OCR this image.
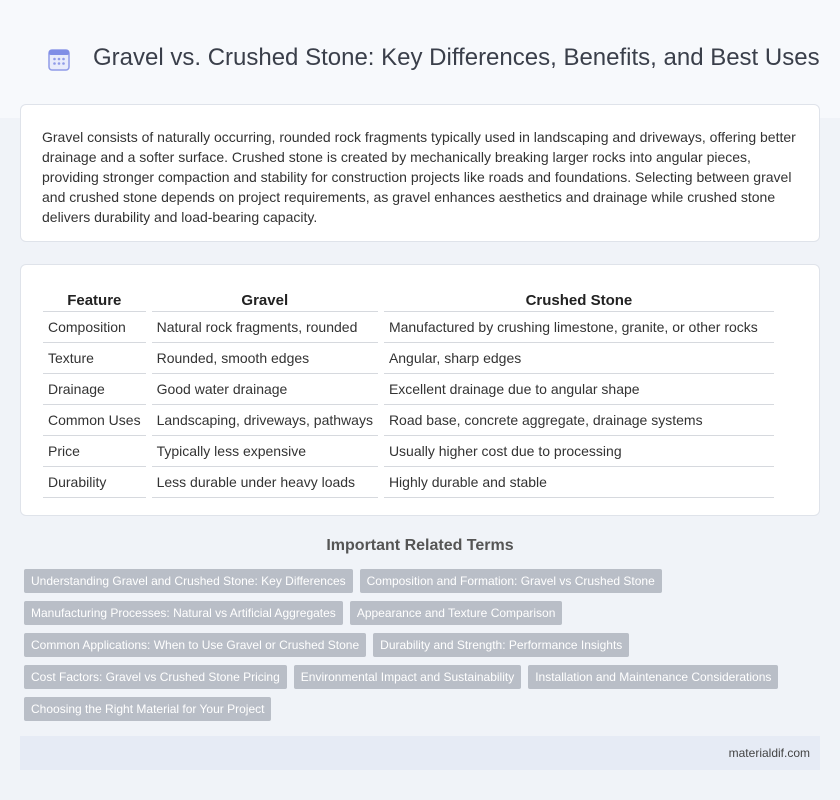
Gravel vs. Crushed Stone: Key Differences, Benefits, and Best Uses

Gravel consists of naturally occurring, rounded rock fragments typically used in landscaping and driveways, offering better drainage and a softer surface. Crushed stone is created by mechanically breaking larger rocks into angular pieces, providing stronger compaction and stability for construction projects like roads and foundations. Selecting between gravel and crushed stone depends on project requirements, as gravel enhances aesthetics and drainage while crushed stone delivers durability and load-bearing capacity.

Feature	Gravel	Crushed Stone
Composition	Natural rock fragments, rounded	Manufactured by crushing limestone, granite, or other rocks
Texture	Rounded, smooth edges	Angular, sharp edges
Drainage	Good water drainage	Excellent drainage due to angular shape
Common Uses	Landscaping, driveways, pathways	Road base, concrete aggregate, drainage systems
Price	Typically less expensive	Usually higher cost due to processing
Durability	Less durable under heavy loads	Highly durable and stable
Important Related Terms
Understanding Gravel and Crushed Stone: Key Differences	Composition and Formation: Gravel vs Crushed Stone
Manufacturing Processes: Natural vs Artificial Aggregates	Appearance and Texture Comparison
Common Applications: When to Use Gravel or Crushed Stone	Durability and Strength: Performance Insights
Cost Factors: Gravel vs Crushed Stone Pricing	Environmental Impact and Sustainability	Installation and Maintenance Considerations
Choosing the Right Material for Your Project
materialdif.com
